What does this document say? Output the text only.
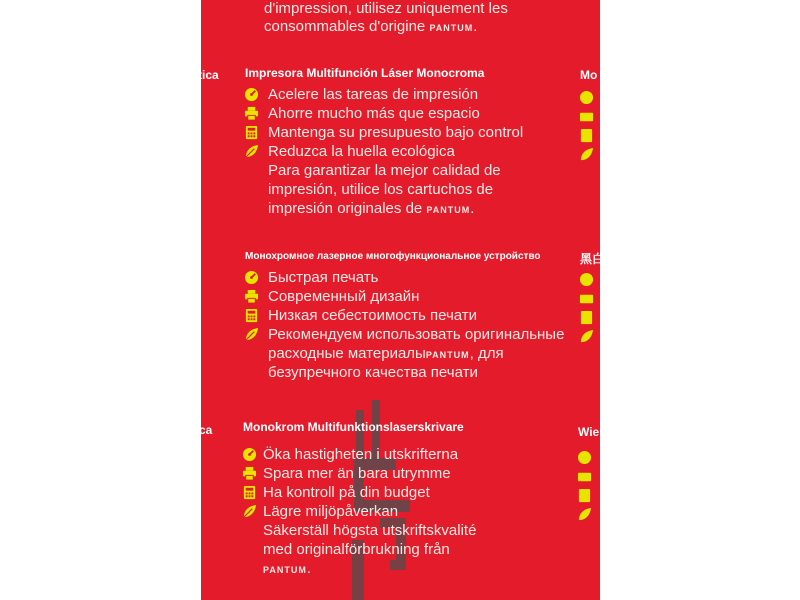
d'impression, utilisez uniquement les
consommables d'origine PANTUM.
tica
ca
Impresora Multifunción Láser Monocroma
Acelere las tareas de impresión
Ahorre mucho más que espacio
Mantenga su presupuesto bajo control
Reduzca la huella ecológica
Para garantizar la mejor calidad de
impresión, utilice los cartuchos de
impresión originales de PANTUM.
Монохромное лазерное многофункциональное устройство
Быстрая печать
Современный дизайн
Низкая себестоимость печати
Рекомендуем использовать оригинальные
расходные материалыPANTUM, для
безупречного качества печати
Monokrom Multifunktionslaserskrivare
Öka hastigheten i utskrifterna
Spara mer än bara utrymme
Ha kontroll på din budget
Lägre miljöpåverkan
Säkerställ högsta utskriftskvalité
med originalförbrukning från
PANTUM.
Mo
黑白
Wie
